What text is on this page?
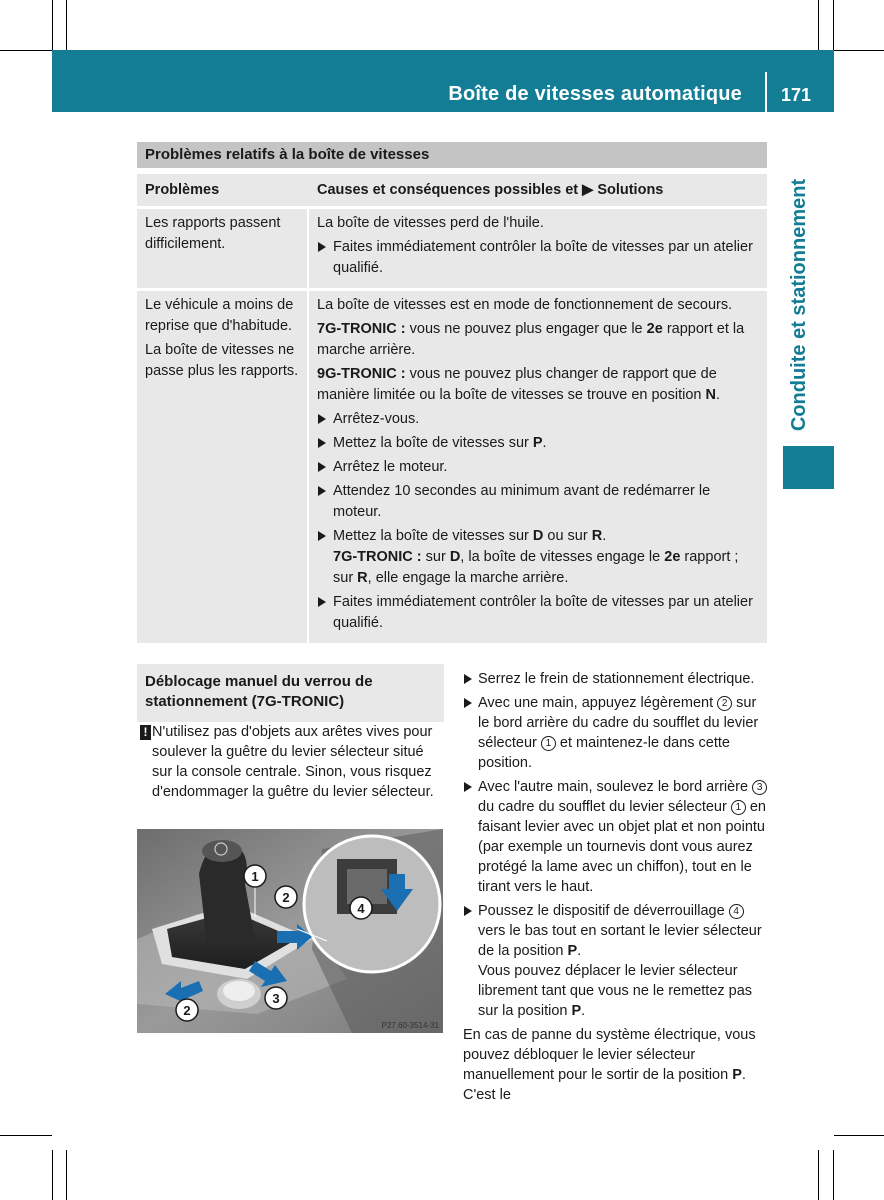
Boîte de vitesses automatique 171
Conduite et stationnement
Problèmes relatifs à la boîte de vitesses
Problèmes	Causes et conséquences possibles et ▶ Solutions

Les rapports passent difficilement.

La boîte de vitesses perd de l'huile.

Faites immédiatement contrôler la boîte de vitesses par un atelier qualifié.

Le véhicule a moins de reprise que d'habitude.

La boîte de vitesses ne passe plus les rapports.

La boîte de vitesses est en mode de fonctionnement de secours.

7G-TRONIC : vous ne pouvez plus engager que le 2e rapport et la marche arrière.

9G-TRONIC : vous ne pouvez plus changer de rapport que de manière limitée ou la boîte de vitesses se trouve en position N.

Arrêtez-vous.
Mettez la boîte de vitesses sur P.
Arrêtez le moteur.
Attendez 10 secondes au minimum avant de redémarrer le moteur.
Mettez la boîte de vitesses sur D ou sur R.
7G-TRONIC : sur D, la boîte de vitesses engage le 2e rapport ; sur R, elle engage la marche arrière.
Faites immédiatement contrôler la boîte de vitesses par un atelier qualifié.
Déblocage manuel du verrou de stationnement (7G-TRONIC)
! N'utilisez pas d'objets aux arêtes vives pour soulever la guêtre du levier sélecteur situé sur la console centrale. Sinon, vous risquez d'endommager la guêtre du levier sélecteur.
1
2
2
3
4
P27.60-3514-31
Serrez le frein de stationnement électrique.
Avec une main, appuyez légèrement 2 sur le bord arrière du cadre du soufflet du levier sélecteur 1 et maintenez-le dans cette position.
Avec l'autre main, soulevez le bord arrière 3 du cadre du soufflet du levier sélecteur 1 en faisant levier avec un objet plat et non pointu (par exemple un tournevis dont vous aurez protégé la lame avec un chiffon), tout en le tirant vers le haut.
Poussez le dispositif de déverrouillage 4 vers le bas tout en sortant le levier sélecteur de la position P.
Vous pouvez déplacer le levier sélecteur librement tant que vous ne le remettez pas sur la position P.

En cas de panne du système électrique, vous pouvez débloquer le levier sélecteur manuellement pour le sortir de la position P. C'est le
